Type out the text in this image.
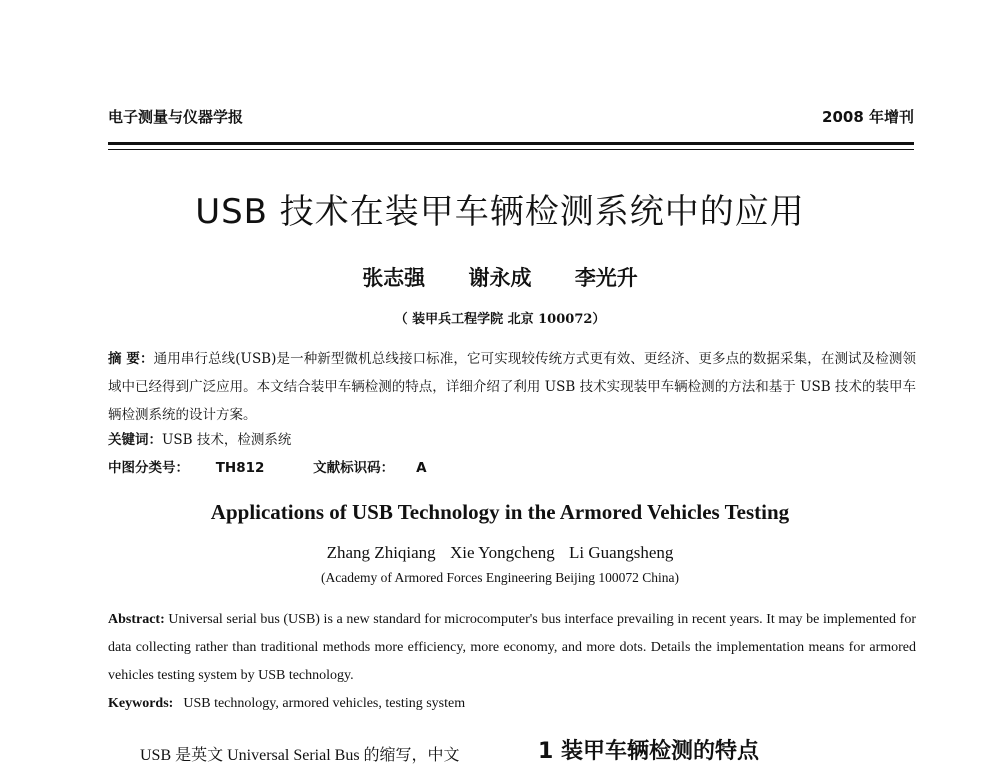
电子测量与仪器学报	2008 年增刊
USB 技术在装甲车辆检测系统中的应用
张志强 谢永成 李光升
（ 装甲兵工程学院 北京 100072）
摘 要：通用串行总线(USB)是一种新型微机总线接口标准，它可实现较传统方式更有效、更经济、更多点的数据采集，在测试及检测领域中已经得到广泛应用。本文结合装甲车辆检测的特点，详细介绍了利用 USB 技术实现装甲车辆检测的方法和基于 USB 技术的装甲车辆检测系统的设计方案。
关键词：USB 技术，检测系统
中图分类号： TH812	文献标识码： A
Applications of USB Technology in the Armored Vehicles Testing
Zhang Zhiqiang Xie Yongcheng Li Guangsheng
(Academy of Armored Forces Engineering Beijing 100072 China)
Abstract: Universal serial bus (USB) is a new standard for microcomputer's bus interface prevailing in recent years. It may be implemented for data collecting rather than traditional methods more efficiency, more economy, and more dots. Details the implementation means for armored vehicles testing system by USB technology.
Keywords: USB technology, armored vehicles, testing system
USB 是英文 Universal Serial Bus 的缩写，中文	1 装甲车辆检测的特点
